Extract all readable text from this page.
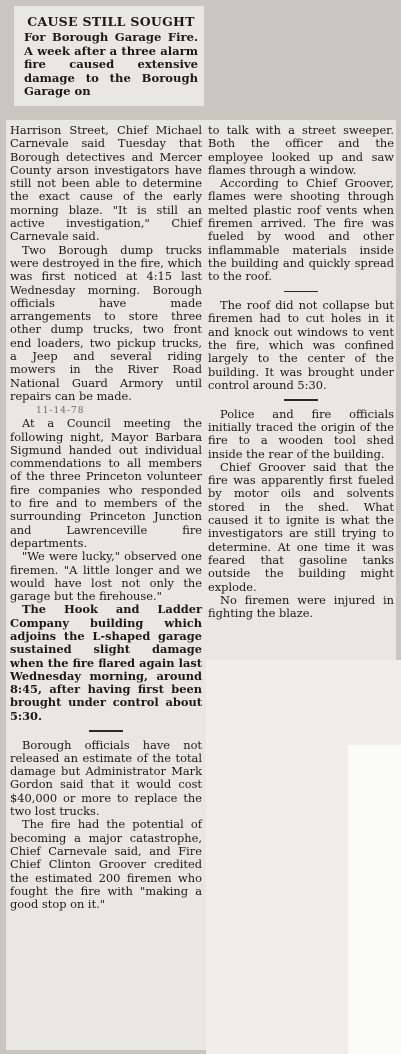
CAUSE STILL SOUGHT

For Borough Garage Fire. A week after a three alarm fire caused extensive damage to the Borough Garage on

Harrison Street, Chief Michael Carnevale said Tuesday that Borough detectives and Mercer County arson investigators have still not been able to determine the exact cause of the early morning blaze. "It is still an active investigation," Chief Carnevale said.

Two Borough dump trucks were destroyed in the fire, which was first noticed at 4:15 last Wednesday morning. Borough officials have made arrangements to store three other dump trucks, two front end loaders, two pickup trucks, a Jeep and several riding mowers in the River Road National Guard Armory until repairs can be made.

11-14-78

At a Council meeting the following night, Mayor Barbara Sigmund handed out individual commendations to all members of the three Princeton volunteer fire companies who responded to fire and to members of the surrounding Princeton Junction and Lawrenceville fire departments.

"We were lucky," observed one firemen. "A little longer and we would have lost not only the garage but the firehouse."

The Hook and Ladder Company building which adjoins the L-shaped garage sustained slight damage when the fire flared again last Wednesday morning, around 8:45, after having first been brought under control about 5:30.

Borough officials have not released an estimate of the total damage but Administrator Mark Gordon said that it would cost $40,000 or more to replace the two lost trucks.

The fire had the potential of becoming a major catastrophe, Chief Carnevale said, and Fire Chief Clinton Groover credited the estimated 200 firemen who fought the fire with "making a good stop on it."

to talk with a street sweeper. Both the officer and the employee looked up and saw flames through a window.

According to Chief Groover, flames were shooting through melted plastic roof vents when firemen arrived. The fire was fueled by wood and other inflammable materials inside the building and quickly spread to the roof.

The roof did not collapse but firemen had to cut holes in it and knock out windows to vent the fire, which was confined largely to the center of the building. It was brought under control around 5:30.

Police and fire officials initially traced the origin of the fire to a wooden tool shed inside the rear of the building.

Chief Groover said that the fire was apparently first fueled by motor oils and solvents stored in the shed. What caused it to ignite is what the investigators are still trying to determine. At one time it was feared that gasoline tanks outside the building might explode.

No firemen were injured in fighting the blaze.
